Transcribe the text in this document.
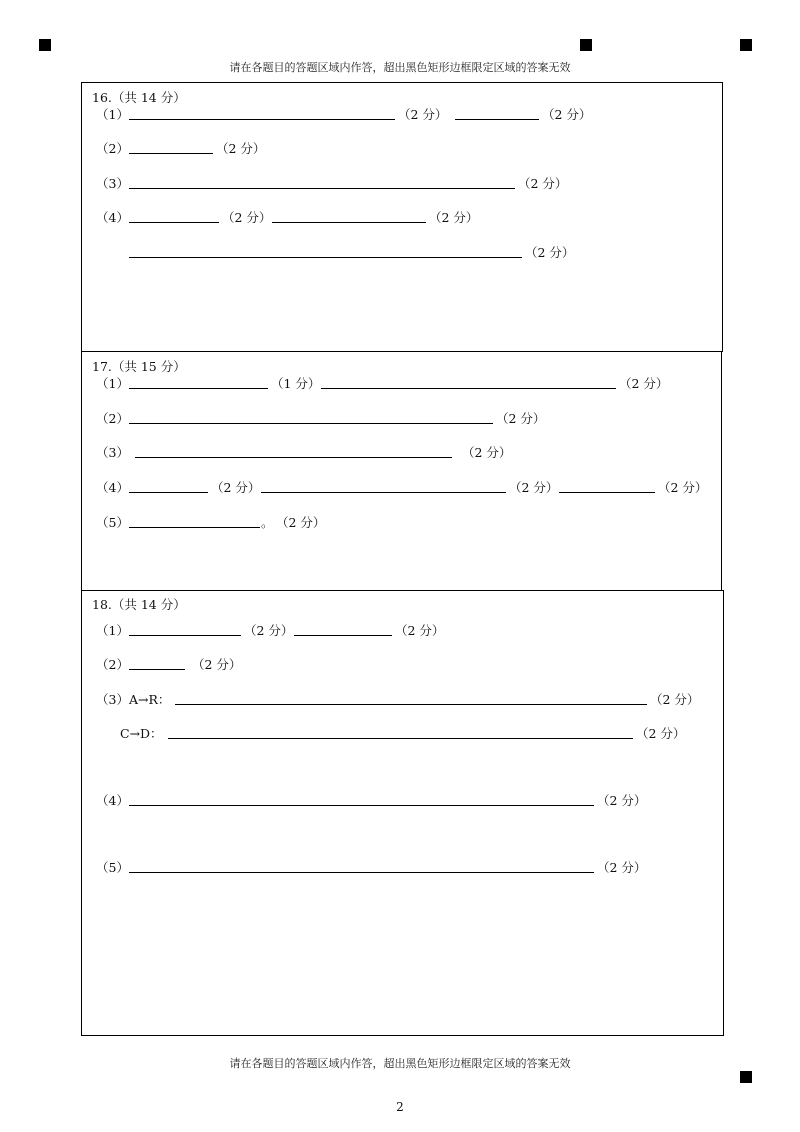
请在各题目的答题区域内作答，超出黑色矩形边框限定区域的答案无效
16.（共 14 分）
（1）	（2 分）	（2 分）
（2）	（2 分）
（3）	（2 分）
（4）	（2 分）	（2 分）
（2 分）
17.（共 15 分）
（1）	（1 分）	（2 分）
（2）	（2 分）
（3）	（2 分）
（4）	（2 分）	（2 分）	（2 分）
（5）	。 （2 分）
18.（共 14 分）
（1）	（2 分）	（2 分）
（2）	（2 分）
（3） A→R：	（2 分）
C→D：	（2 分）
（4）	（2 分）
（5）	（2 分）
请在各题目的答题区域内作答，超出黑色矩形边框限定区域的答案无效
2
